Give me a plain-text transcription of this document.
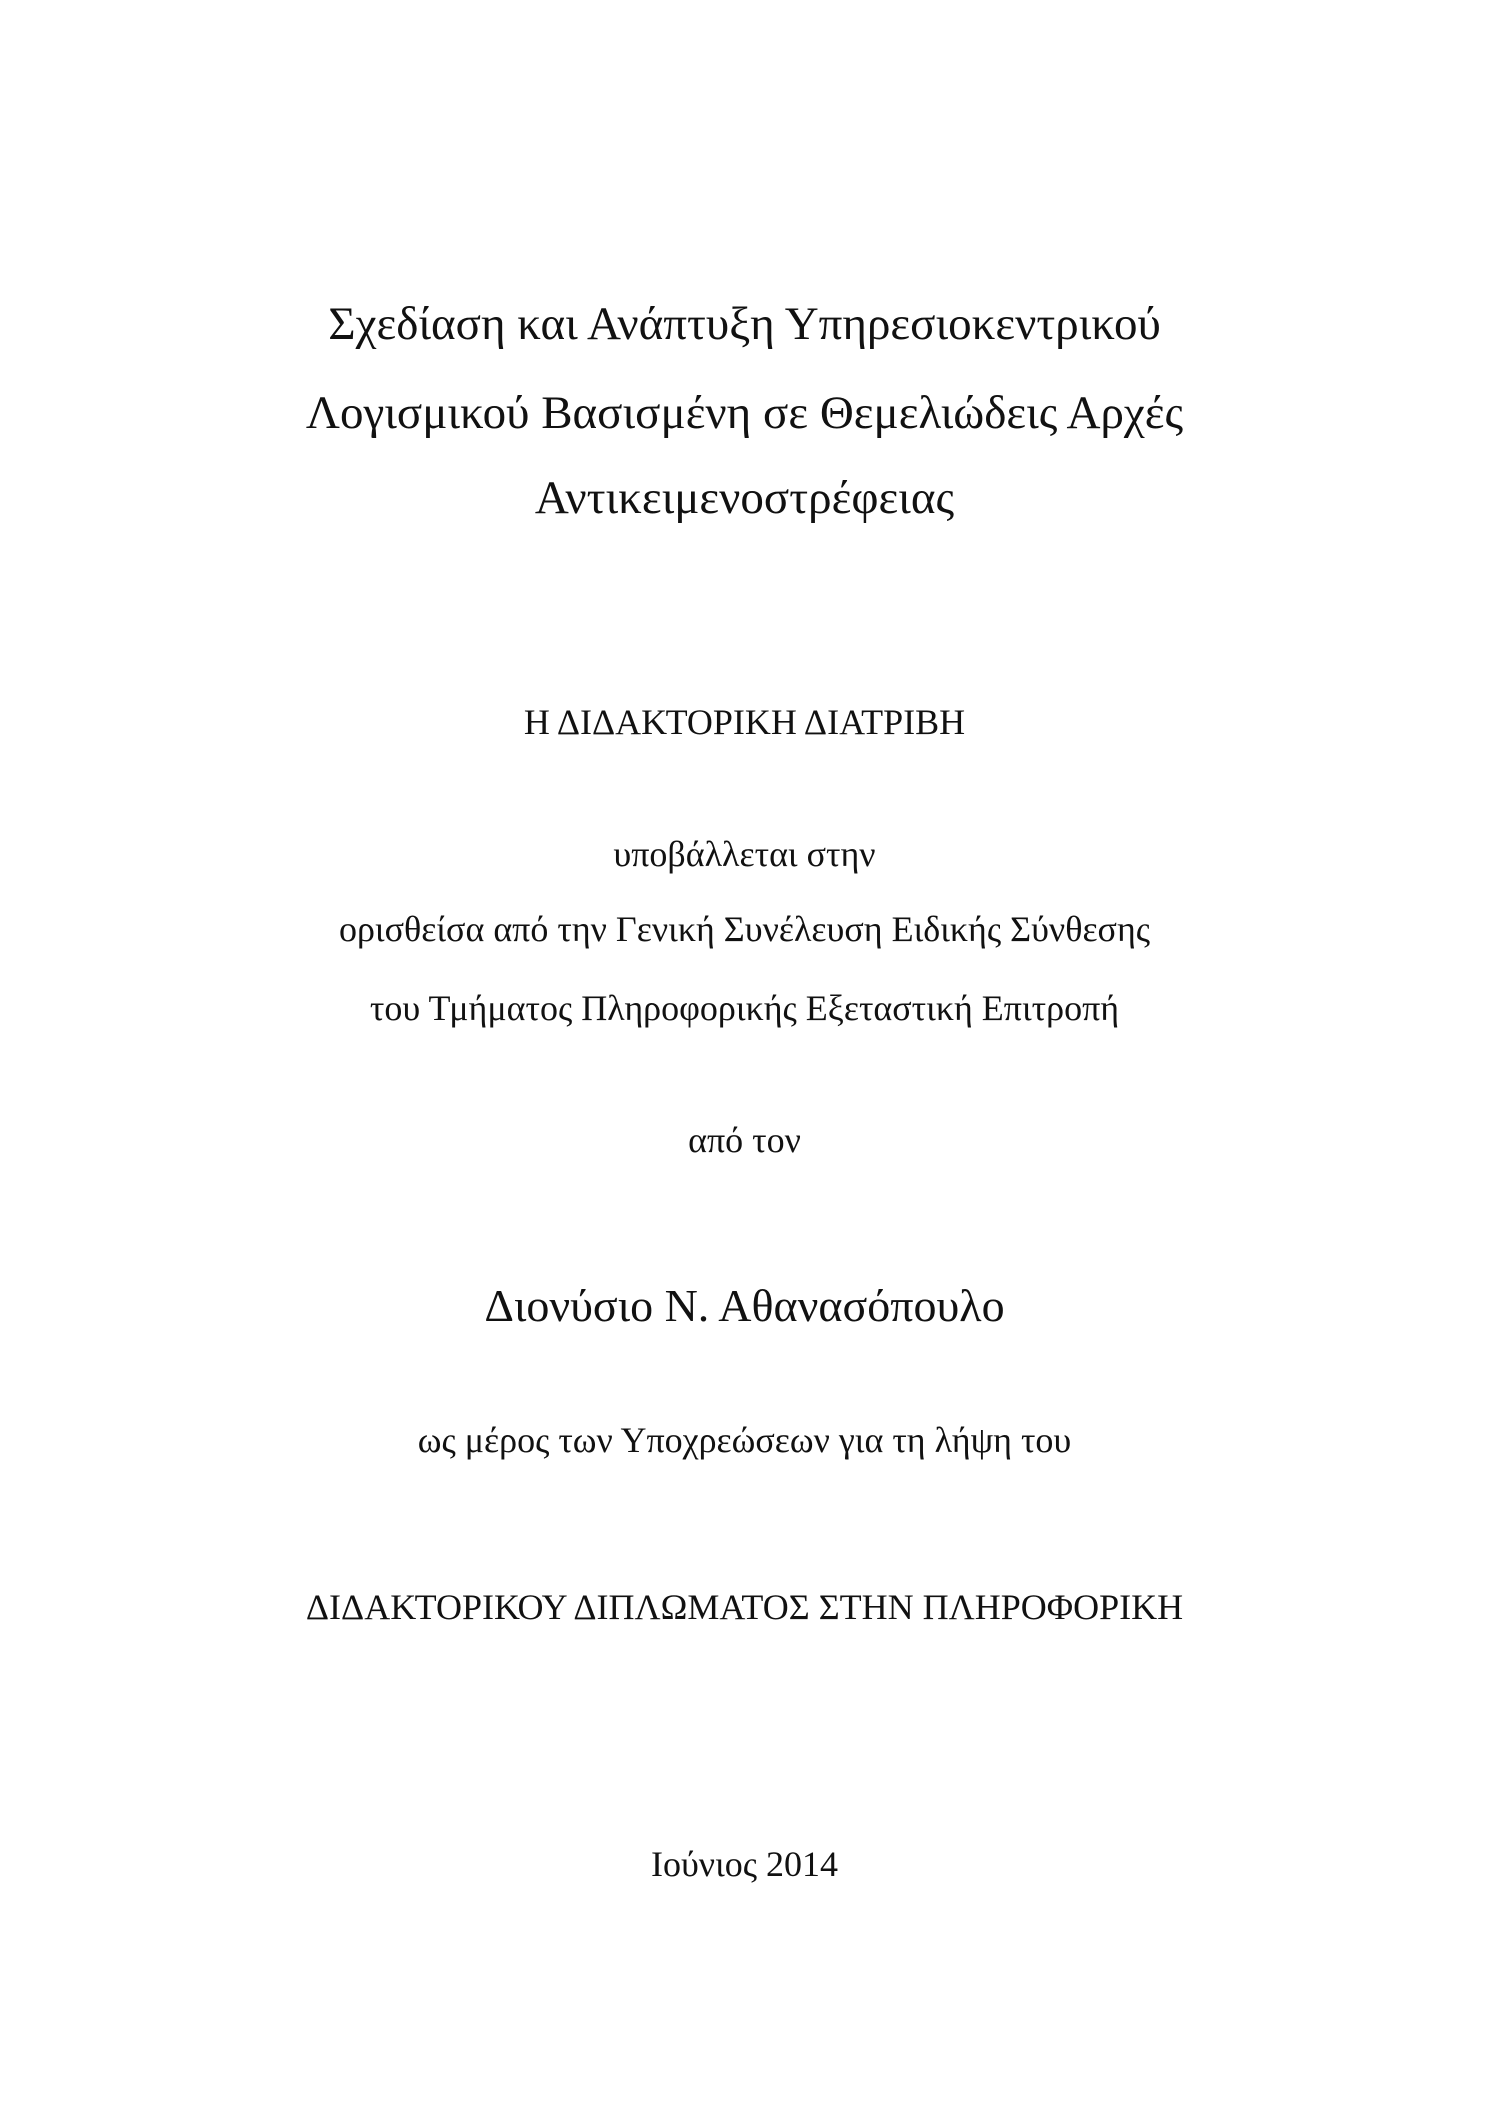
Σχεδίαση και Ανάπτυξη Υπηρεσιοκεντρικού
Λογισμικού Βασισμένη σε Θεμελιώδεις Αρχές
Αντικειμενοστρέφειας

Η ΔΙΔΑΚΤΟΡΙΚΗ ΔΙΑΤΡΙΒΗ

υποβάλλεται στην

ορισθείσα από την Γενική Συνέλευση Ειδικής Σύνθεσης

του Τμήματος Πληροφορικής Εξεταστική Επιτροπή

από τον

Διονύσιο Ν. Αθανασόπουλο

ως μέρος των Υποχρεώσεων για τη λήψη του

ΔΙΔΑΚΤΟΡΙΚΟΥ ΔΙΠΛΩΜΑΤΟΣ ΣΤΗΝ ΠΛΗΡΟΦΟΡΙΚΗ

Ιούνιος 2014
